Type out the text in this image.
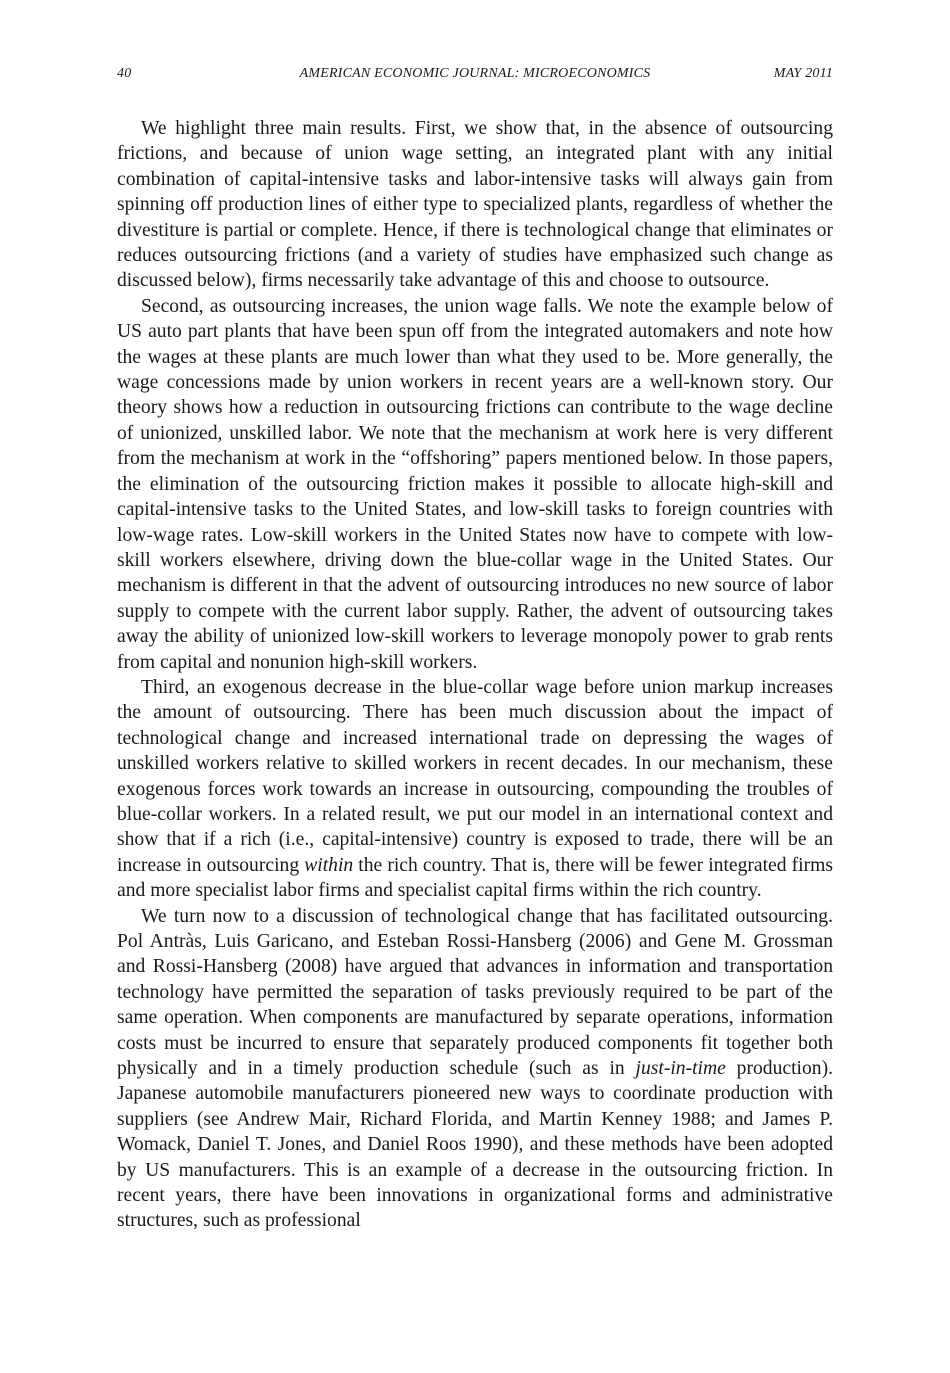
40	AMERICAN ECONOMIC JOURNAL: MICROECONOMICS	MAY 2011

We highlight three main results. First, we show that, in the absence of outsourcing frictions, and because of union wage setting, an integrated plant with any initial combination of capital-intensive tasks and labor-intensive tasks will always gain from spinning off production lines of either type to specialized plants, regardless of whether the divestiture is partial or complete. Hence, if there is technological change that eliminates or reduces outsourcing frictions (and a variety of studies have emphasized such change as discussed below), firms necessarily take advantage of this and choose to outsource.

Second, as outsourcing increases, the union wage falls. We note the example below of US auto part plants that have been spun off from the integrated automakers and note how the wages at these plants are much lower than what they used to be. More generally, the wage concessions made by union workers in recent years are a well-known story. Our theory shows how a reduction in outsourcing frictions can contribute to the wage decline of unionized, unskilled labor. We note that the mechanism at work here is very different from the mechanism at work in the “offshoring” papers mentioned below. In those papers, the elimination of the outsourcing friction makes it possible to allocate high-skill and capital-intensive tasks to the United States, and low-skill tasks to foreign countries with low-wage rates. Low-skill workers in the United States now have to compete with low-skill workers elsewhere, driving down the blue-collar wage in the United States. Our mechanism is different in that the advent of outsourcing introduces no new source of labor supply to compete with the current labor supply. Rather, the advent of outsourcing takes away the ability of unionized low-skill workers to leverage monopoly power to grab rents from capital and nonunion high-skill workers.

Third, an exogenous decrease in the blue-collar wage before union markup increases the amount of outsourcing. There has been much discussion about the impact of technological change and increased international trade on depressing the wages of unskilled workers relative to skilled workers in recent decades. In our mechanism, these exogenous forces work towards an increase in outsourcing, compounding the troubles of blue-collar workers. In a related result, we put our model in an international context and show that if a rich (i.e., capital-intensive) country is exposed to trade, there will be an increase in outsourcing within the rich country. That is, there will be fewer integrated firms and more specialist labor firms and specialist capital firms within the rich country.

We turn now to a discussion of technological change that has facilitated outsourcing. Pol Antràs, Luis Garicano, and Esteban Rossi-Hansberg (2006) and Gene M. Grossman and Rossi-Hansberg (2008) have argued that advances in information and transportation technology have permitted the separation of tasks previously required to be part of the same operation. When components are manufactured by separate operations, information costs must be incurred to ensure that separately produced components fit together both physically and in a timely production schedule (such as in just-in-time production). Japanese automobile manufacturers pioneered new ways to coordinate production with suppliers (see Andrew Mair, Richard Florida, and Martin Kenney 1988; and James P. Womack, Daniel T. Jones, and Daniel Roos 1990), and these methods have been adopted by US manufacturers. This is an example of a decrease in the outsourcing friction. In recent years, there have been innovations in organizational forms and administrative structures, such as professional
